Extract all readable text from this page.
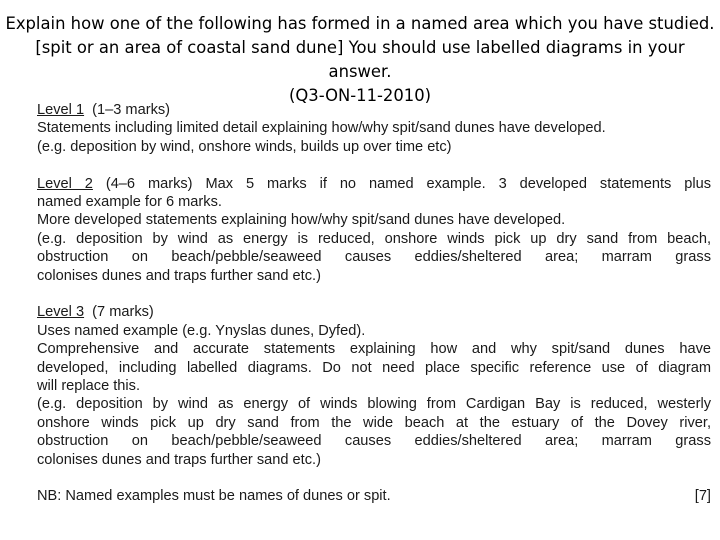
Explain how one of the following has formed in a named area which you have studied.

[spit or an area of coastal sand dune] You should use labelled diagrams in your answer.

(Q3-ON-11-2010)

Level 1  (1–3 marks)

Statements including limited detail explaining how/why spit/sand dunes have developed.

(e.g. deposition by wind, onshore winds, builds up over time etc)

Level 2 (4–6 marks) Max 5 marks if no named example. 3 developed statements plus

named example for 6 marks.

More developed statements explaining how/why spit/sand dunes have developed.

(e.g. deposition by wind as energy is reduced, onshore winds pick up dry sand from beach,

obstruction on beach/pebble/seaweed causes eddies/sheltered area; marram grass

colonises dunes and traps further sand etc.)

Level 3  (7 marks)

Uses named example (e.g. Ynyslas dunes, Dyfed).

Comprehensive and accurate statements explaining how and why spit/sand dunes have

developed, including labelled diagrams. Do not need place specific reference use of diagram

will replace this.

(e.g. deposition by wind as energy of winds blowing from Cardigan Bay is reduced, westerly

onshore winds pick up dry sand from the wide beach at the estuary of the Dovey river,

obstruction on beach/pebble/seaweed causes eddies/sheltered area; marram grass

colonises dunes and traps further sand etc.)

NB: Named examples must be names of dunes or spit.	[7]
